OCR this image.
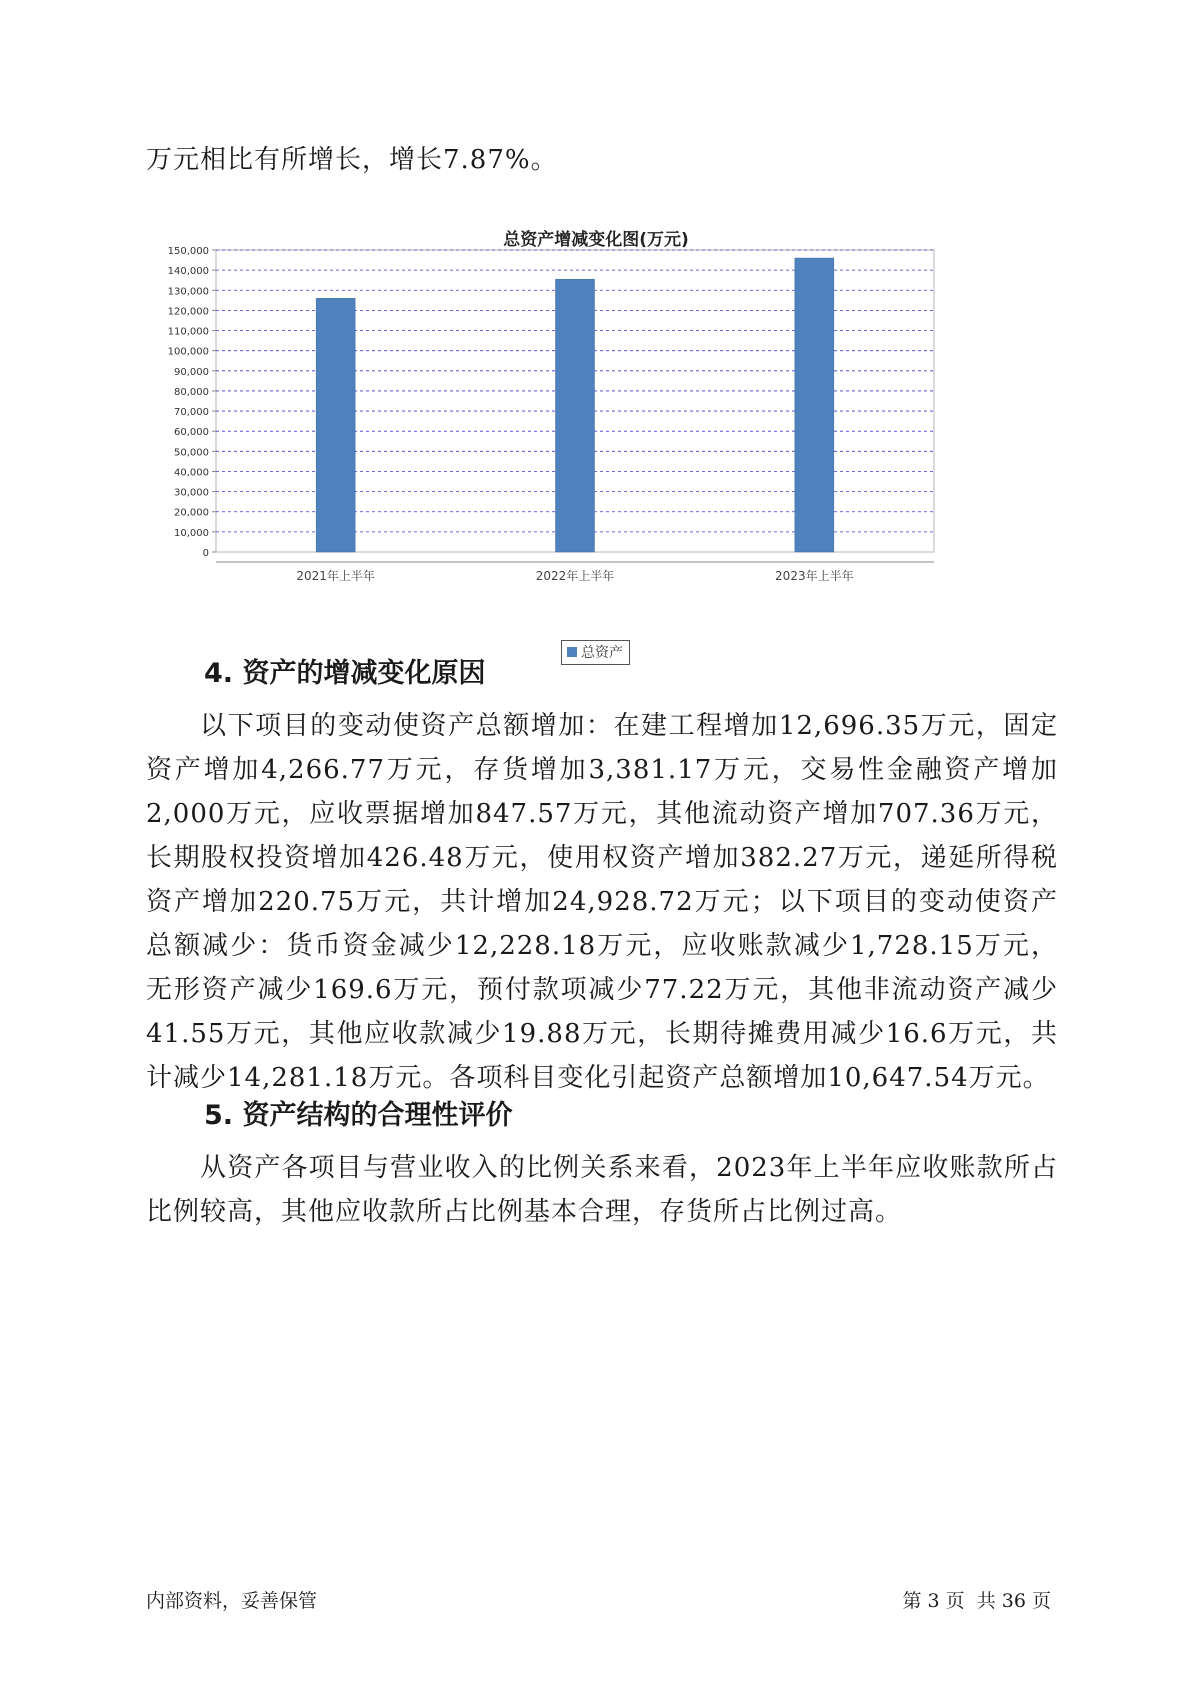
万元相比有所增长，增长7.87%。

总资产增减变化图(万元)
0
10,000
20,000
30,000
40,000
50,000
60,000
70,000
80,000
90,000
100,000
110,000
120,000
130,000
140,000
150,000
2021年上半年	2022年上半年	2023年上半年
总资产
4. 资产的增减变化原因

以下项目的变动使资产总额增加：在建工程增加12,696.35万元，固定资产增加4,266.77万元，存货增加3,381.17万元，交易性金融资产增加2,000万元，应收票据增加847.57万元，其他流动资产增加707.36万元，长期股权投资增加426.48万元，使用权资产增加382.27万元，递延所得税资产增加220.75万元，共计增加24,928.72万元；以下项目的变动使资产总额减少：货币资金减少12,228.18万元，应收账款减少1,728.15万元，无形资产减少169.6万元，预付款项减少77.22万元，其他非流动资产减少41.55万元，其他应收款减少19.88万元，长期待摊费用减少16.6万元，共计减少14,281.18万元。各项科目变化引起资产总额增加10,647.54万元。

5. 资产结构的合理性评价

从资产各项目与营业收入的比例关系来看，2023年上半年应收账款所占比例较高，其他应收款所占比例基本合理，存货所占比例过高。

内部资料，妥善保管	第 3 页 共 36 页
